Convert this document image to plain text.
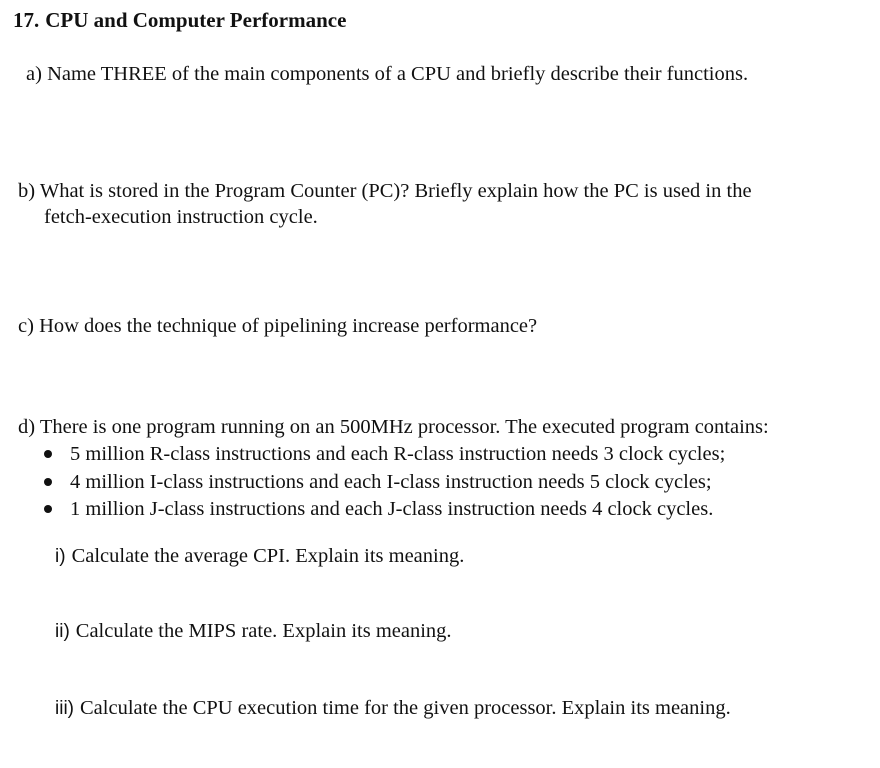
17. CPU and Computer Performance
a) Name THREE of the main components of a CPU and briefly describe their functions.
b) What is stored in the Program Counter (PC)? Briefly explain how the PC is used in the
fetch-execution instruction cycle.
c) How does the technique of pipelining increase performance?
d) There is one program running on an 500MHz processor. The executed program contains:
5 million R-class instructions and each R-class instruction needs 3 clock cycles;
4 million I-class instructions and each I-class instruction needs 5 clock cycles;
1 million J-class instructions and each J-class instruction needs 4 clock cycles.
i) Calculate the average CPI. Explain its meaning.
ii) Calculate the MIPS rate. Explain its meaning.
iii) Calculate the CPU execution time for the given processor. Explain its meaning.
